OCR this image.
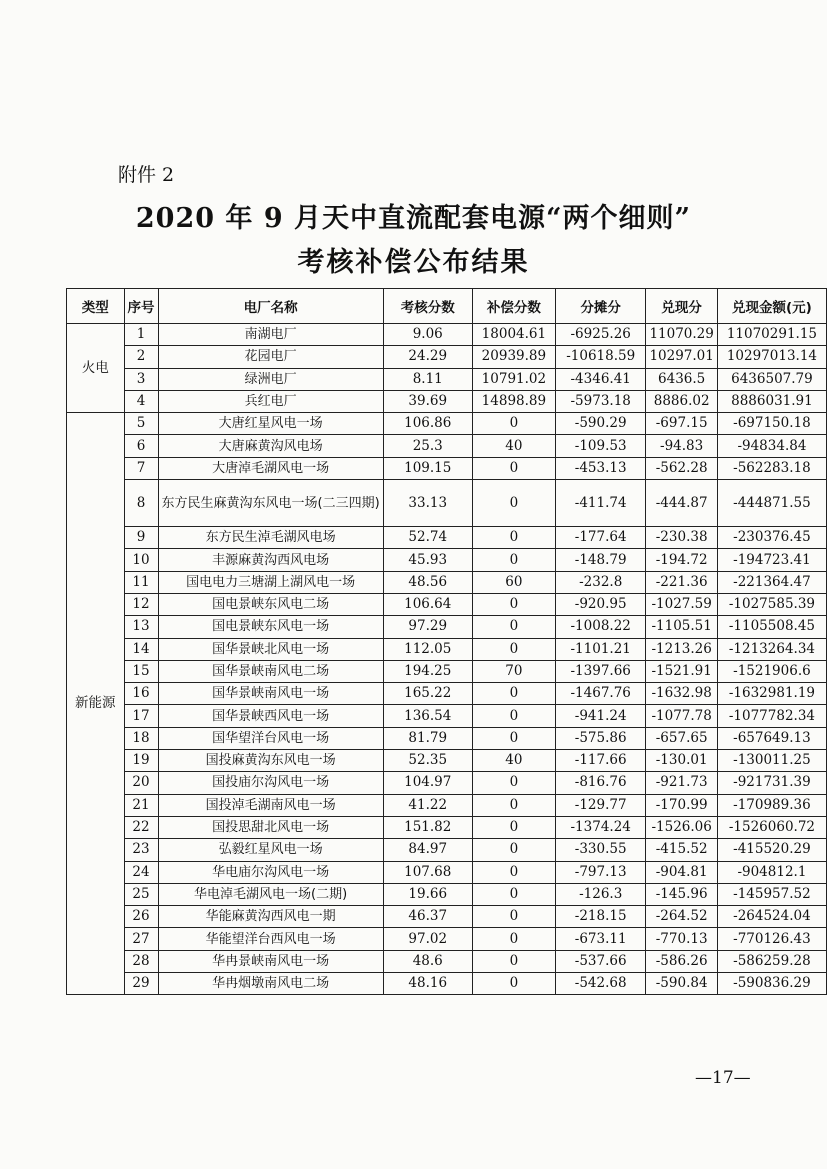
附件 2
2020 年 9 月天中直流配套电源“两个细则”
考核补偿公布结果
类型	序号	电厂名称	考核分数	补偿分数	分摊分	兑现分	兑现金额(元)
火电	1	南湖电厂	9.06	18004.61	-6925.26	11070.29	11070291.15
	2	花园电厂	24.29	20939.89	-10618.59	10297.01	10297013.14
	3	绿洲电厂	8.11	10791.02	-4346.41	6436.5	6436507.79
	4	兵红电厂	39.69	14898.89	-5973.18	8886.02	8886031.91
新能源	5	大唐红星风电一场	106.86	0	-590.29	-697.15	-697150.18
	6	大唐麻黄沟风电场	25.3	40	-109.53	-94.83	-94834.84
	7	大唐淖毛湖风电一场	109.15	0	-453.13	-562.28	-562283.18
	8	东方民生麻黄沟东风电一场(二三四期)	33.13	0	-411.74	-444.87	-444871.55
	9	东方民生淖毛湖风电场	52.74	0	-177.64	-230.38	-230376.45
	10	丰源麻黄沟西风电场	45.93	0	-148.79	-194.72	-194723.41
	11	国电电力三塘湖上湖风电一场	48.56	60	-232.8	-221.36	-221364.47
	12	国电景峡东风电二场	106.64	0	-920.95	-1027.59	-1027585.39
	13	国电景峡东风电一场	97.29	0	-1008.22	-1105.51	-1105508.45
	14	国华景峡北风电一场	112.05	0	-1101.21	-1213.26	-1213264.34
	15	国华景峡南风电二场	194.25	70	-1397.66	-1521.91	-1521906.6
	16	国华景峡南风电一场	165.22	0	-1467.76	-1632.98	-1632981.19
	17	国华景峡西风电一场	136.54	0	-941.24	-1077.78	-1077782.34
	18	国华望洋台风电一场	81.79	0	-575.86	-657.65	-657649.13
	19	国投麻黄沟东风电一场	52.35	40	-117.66	-130.01	-130011.25
	20	国投庙尔沟风电一场	104.97	0	-816.76	-921.73	-921731.39
	21	国投淖毛湖南风电一场	41.22	0	-129.77	-170.99	-170989.36
	22	国投思甜北风电一场	151.82	0	-1374.24	-1526.06	-1526060.72
	23	弘毅红星风电一场	84.97	0	-330.55	-415.52	-415520.29
	24	华电庙尔沟风电一场	107.68	0	-797.13	-904.81	-904812.1
	25	华电淖毛湖风电一场(二期)	19.66	0	-126.3	-145.96	-145957.52
	26	华能麻黄沟西风电一期	46.37	0	-218.15	-264.52	-264524.04
	27	华能望洋台西风电一场	97.02	0	-673.11	-770.13	-770126.43
	28	华冉景峡南风电一场	48.6	0	-537.66	-586.26	-586259.28
	29	华冉烟墩南风电二场	48.16	0	-542.68	-590.84	-590836.29
—17—
